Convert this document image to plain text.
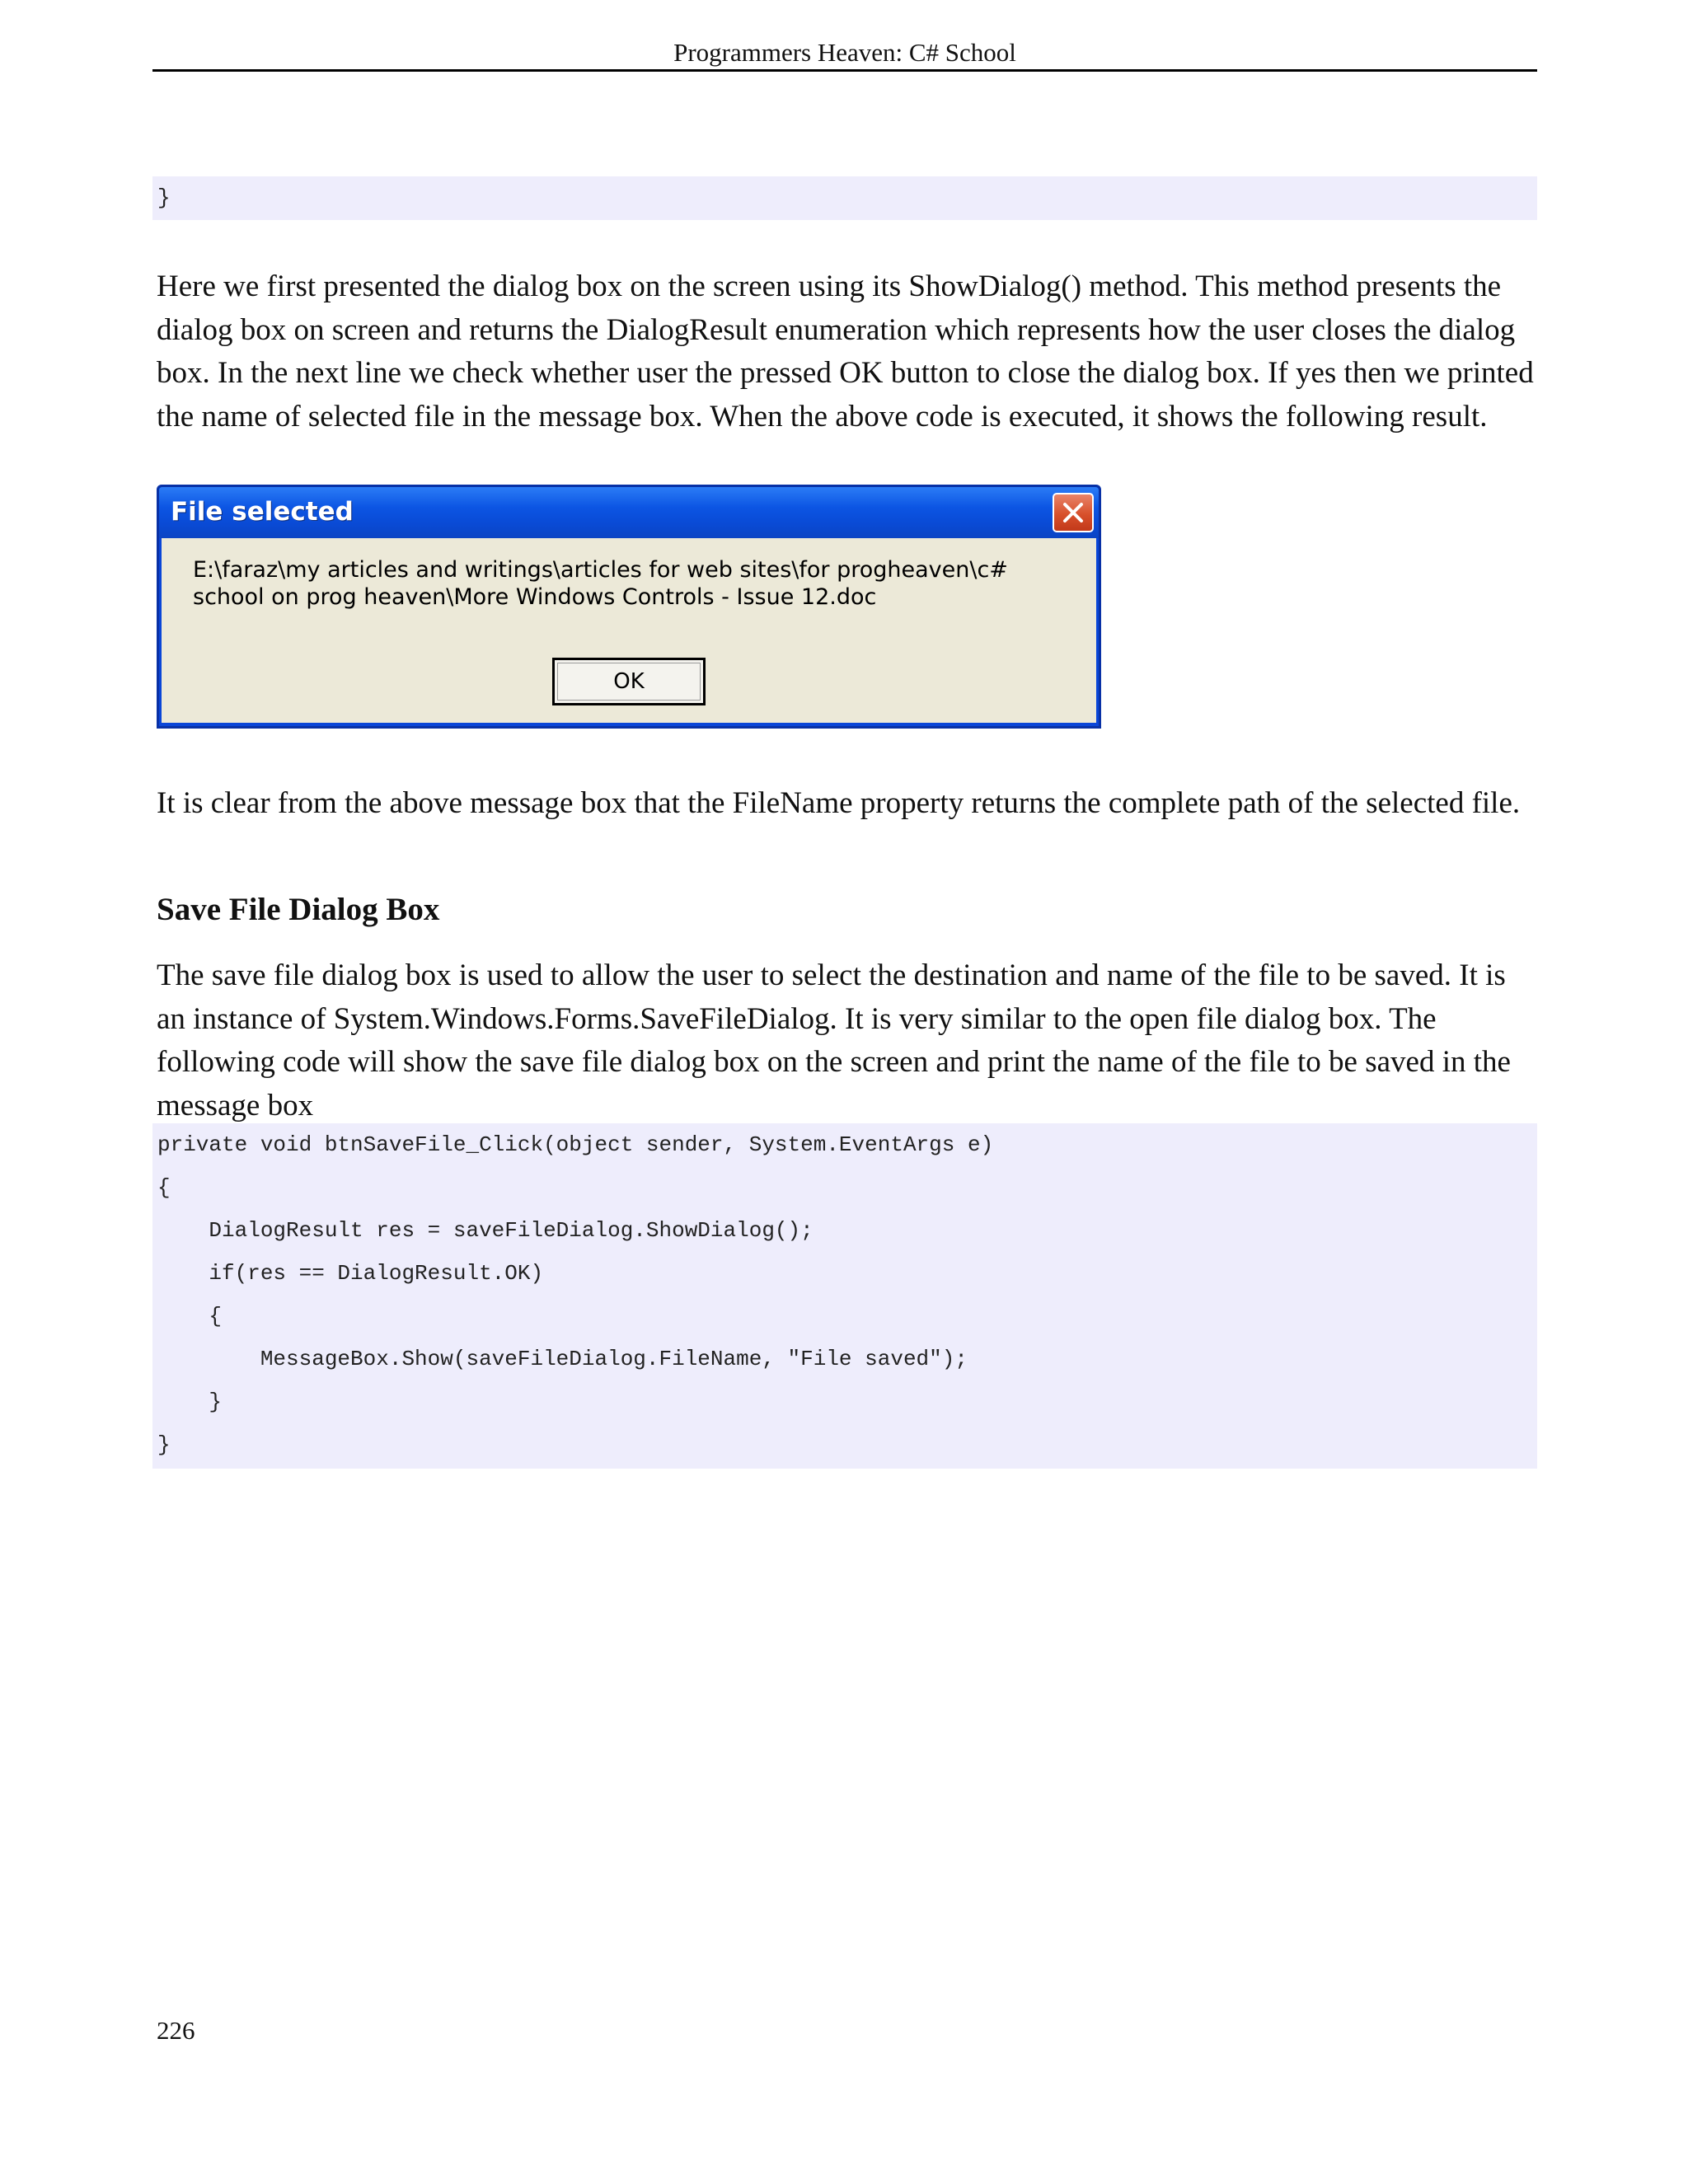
Programmers Heaven: C# School
}
Here we first presented the dialog box on the screen using its ShowDialog() method. This method presents the dialog box on screen and returns the DialogResult enumeration which represents how the user closes the dialog box. In the next line we check whether user the pressed OK button to close the dialog box. If yes then we printed the name of selected file in the message box. When the above code is executed, it shows the following result.
File selected
E:\faraz\my articles and writings\articles for web sites\for progheaven\c# school on prog heaven\More Windows Controls - Issue 12.doc
OK
It is clear from the above message box that the FileName property returns the complete path of the selected file.
Save File Dialog Box
The save file dialog box is used to allow the user to select the destination and name of the file to be saved. It is an instance of System.Windows.Forms.SaveFileDialog. It is very similar to the open file dialog box. The following code will show the save file dialog box on the screen and print the name of the file to be saved in the message box
private void btnSaveFile_Click(object sender, System.EventArgs e)
{
DialogResult res = saveFileDialog.ShowDialog();
if(res == DialogResult.OK)
{
MessageBox.Show(saveFileDialog.FileName, "File saved");
}
}
226
